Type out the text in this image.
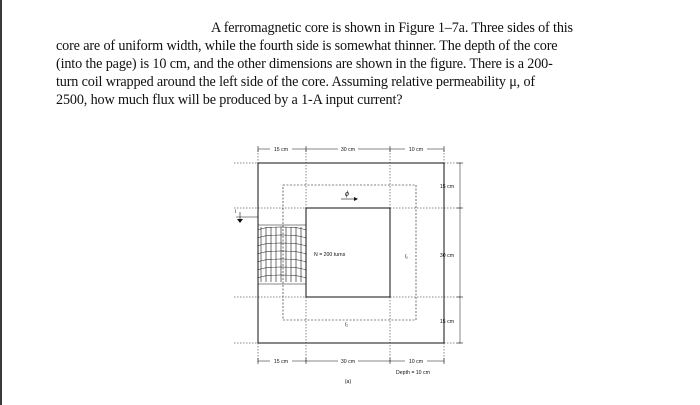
A ferromagnetic core is shown in Figure 1–7a. Three sides of this
core are of uniform width, while the fourth side is somewhat thinner. The depth of the core
(into the page) is 10 cm, and the other dimensions are shown in the figure. There is a 200-
turn coil wrapped around the left side of the core. Assuming relative permeability μ, of
2500, how much flux will be produced by a 1-A input current?
15 cm	30 cm	10 cm
15 cm	30 cm	10 cm
15 cm
30 cm
15 cm
i
ϕ
N = 200 turns	l₁
l₂
Depth = 10 cm
(a)
